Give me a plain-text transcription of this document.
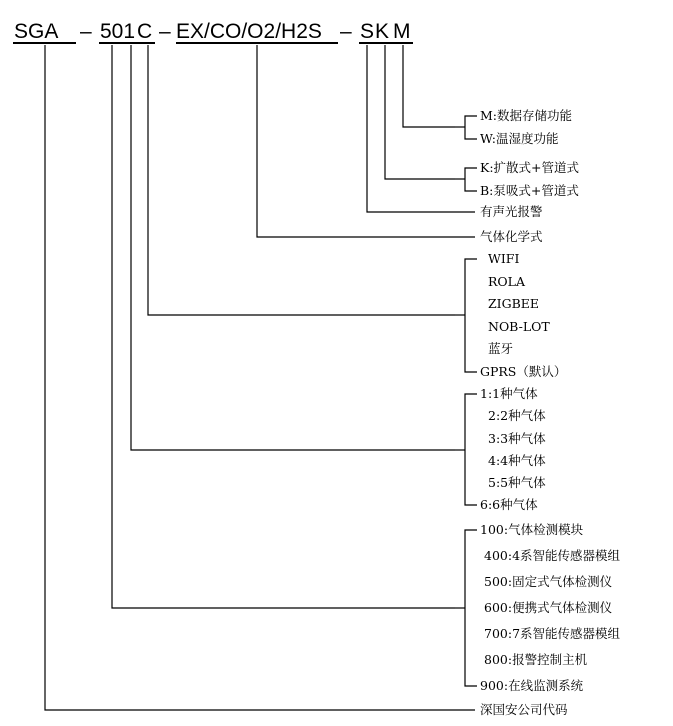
SGA – 501 C – EX/CO/O2/H2S – S K M
M:数据存储功能
W:温湿度功能
K:扩散式+管道式
B:泵吸式+管道式
有声光报警
气体化学式
WIFI
ROLA
ZIGBEE
NOB-LOT
蓝牙
GPRS（默认）
1:1种气体
2:2种气体
3:3种气体
4:4种气体
5:5种气体
6:6种气体
100:气体检测模块
400:4系智能传感器模组
500:固定式气体检测仪
600:便携式气体检测仪
700:7系智能传感器模组
800:报警控制主机
900:在线监测系统
深国安公司代码
